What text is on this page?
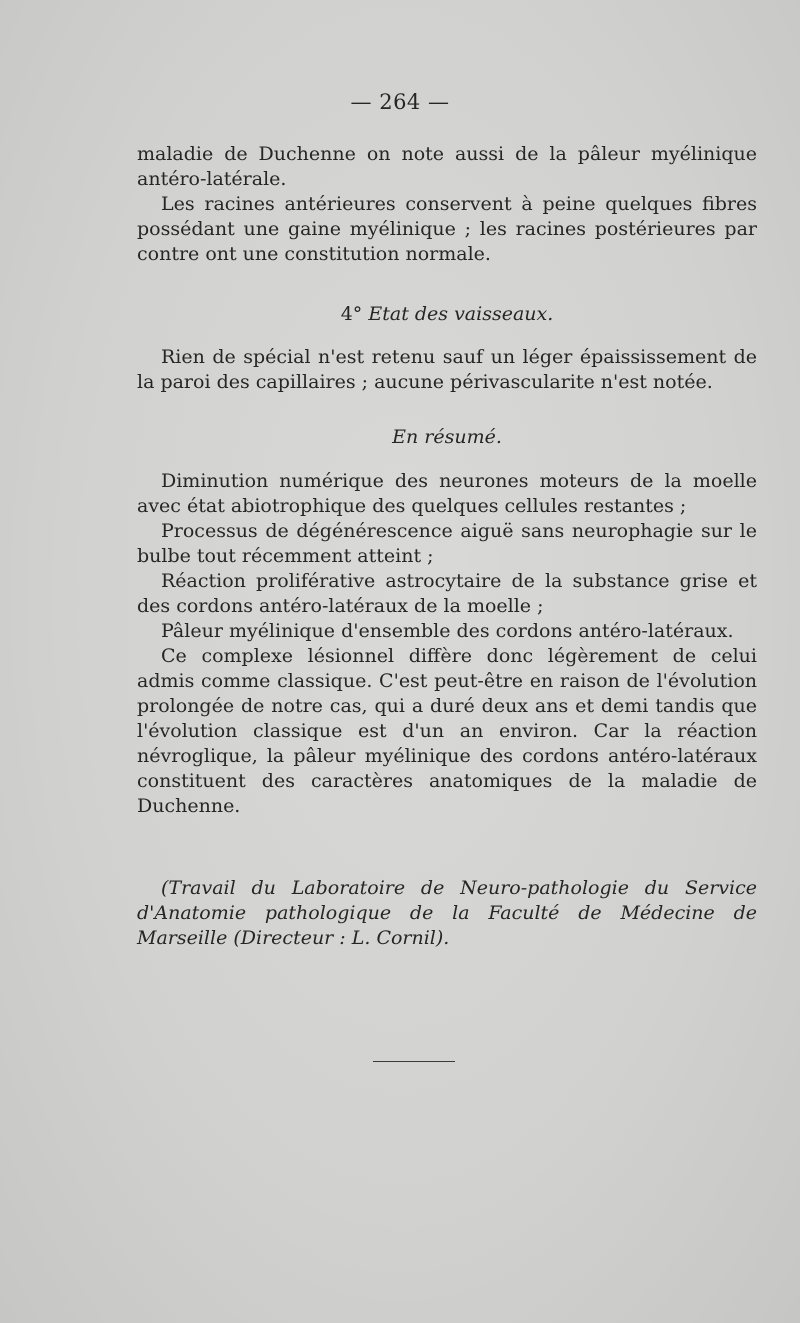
— 264 —

maladie de Duchenne on note aussi de la pâleur myélinique antéro-latérale.

Les racines antérieures conservent à peine quelques fibres possédant une gaine myélinique ; les racines postérieures par contre ont une constitution normale.

4° Etat des vaisseaux.

Rien de spécial n'est retenu sauf un léger épaississement de la paroi des capillaires ; aucune périvascularite n'est notée.

En résumé.

Diminution numérique des neurones moteurs de la moelle avec état abiotrophique des quelques cellules restantes ;

Processus de dégénérescence aiguë sans neurophagie sur le bulbe tout récemment atteint ;

Réaction proliférative astrocytaire de la substance grise et des cordons antéro-latéraux de la moelle ;

Pâleur myélinique d'ensemble des cordons antéro-latéraux.

Ce complexe lésionnel diffère donc légèrement de celui admis comme classique. C'est peut-être en raison de l'évolution prolongée de notre cas, qui a duré deux ans et demi tandis que l'évolution classique est d'un an environ. Car la réaction névroglique, la pâleur myélinique des cordons antéro-latéraux constituent des caractères anatomiques de la maladie de Duchenne.

(Travail du Laboratoire de Neuro-pathologie du Service d'Anatomie pathologique de la Faculté de Médecine de Marseille (Directeur : L. Cornil).
